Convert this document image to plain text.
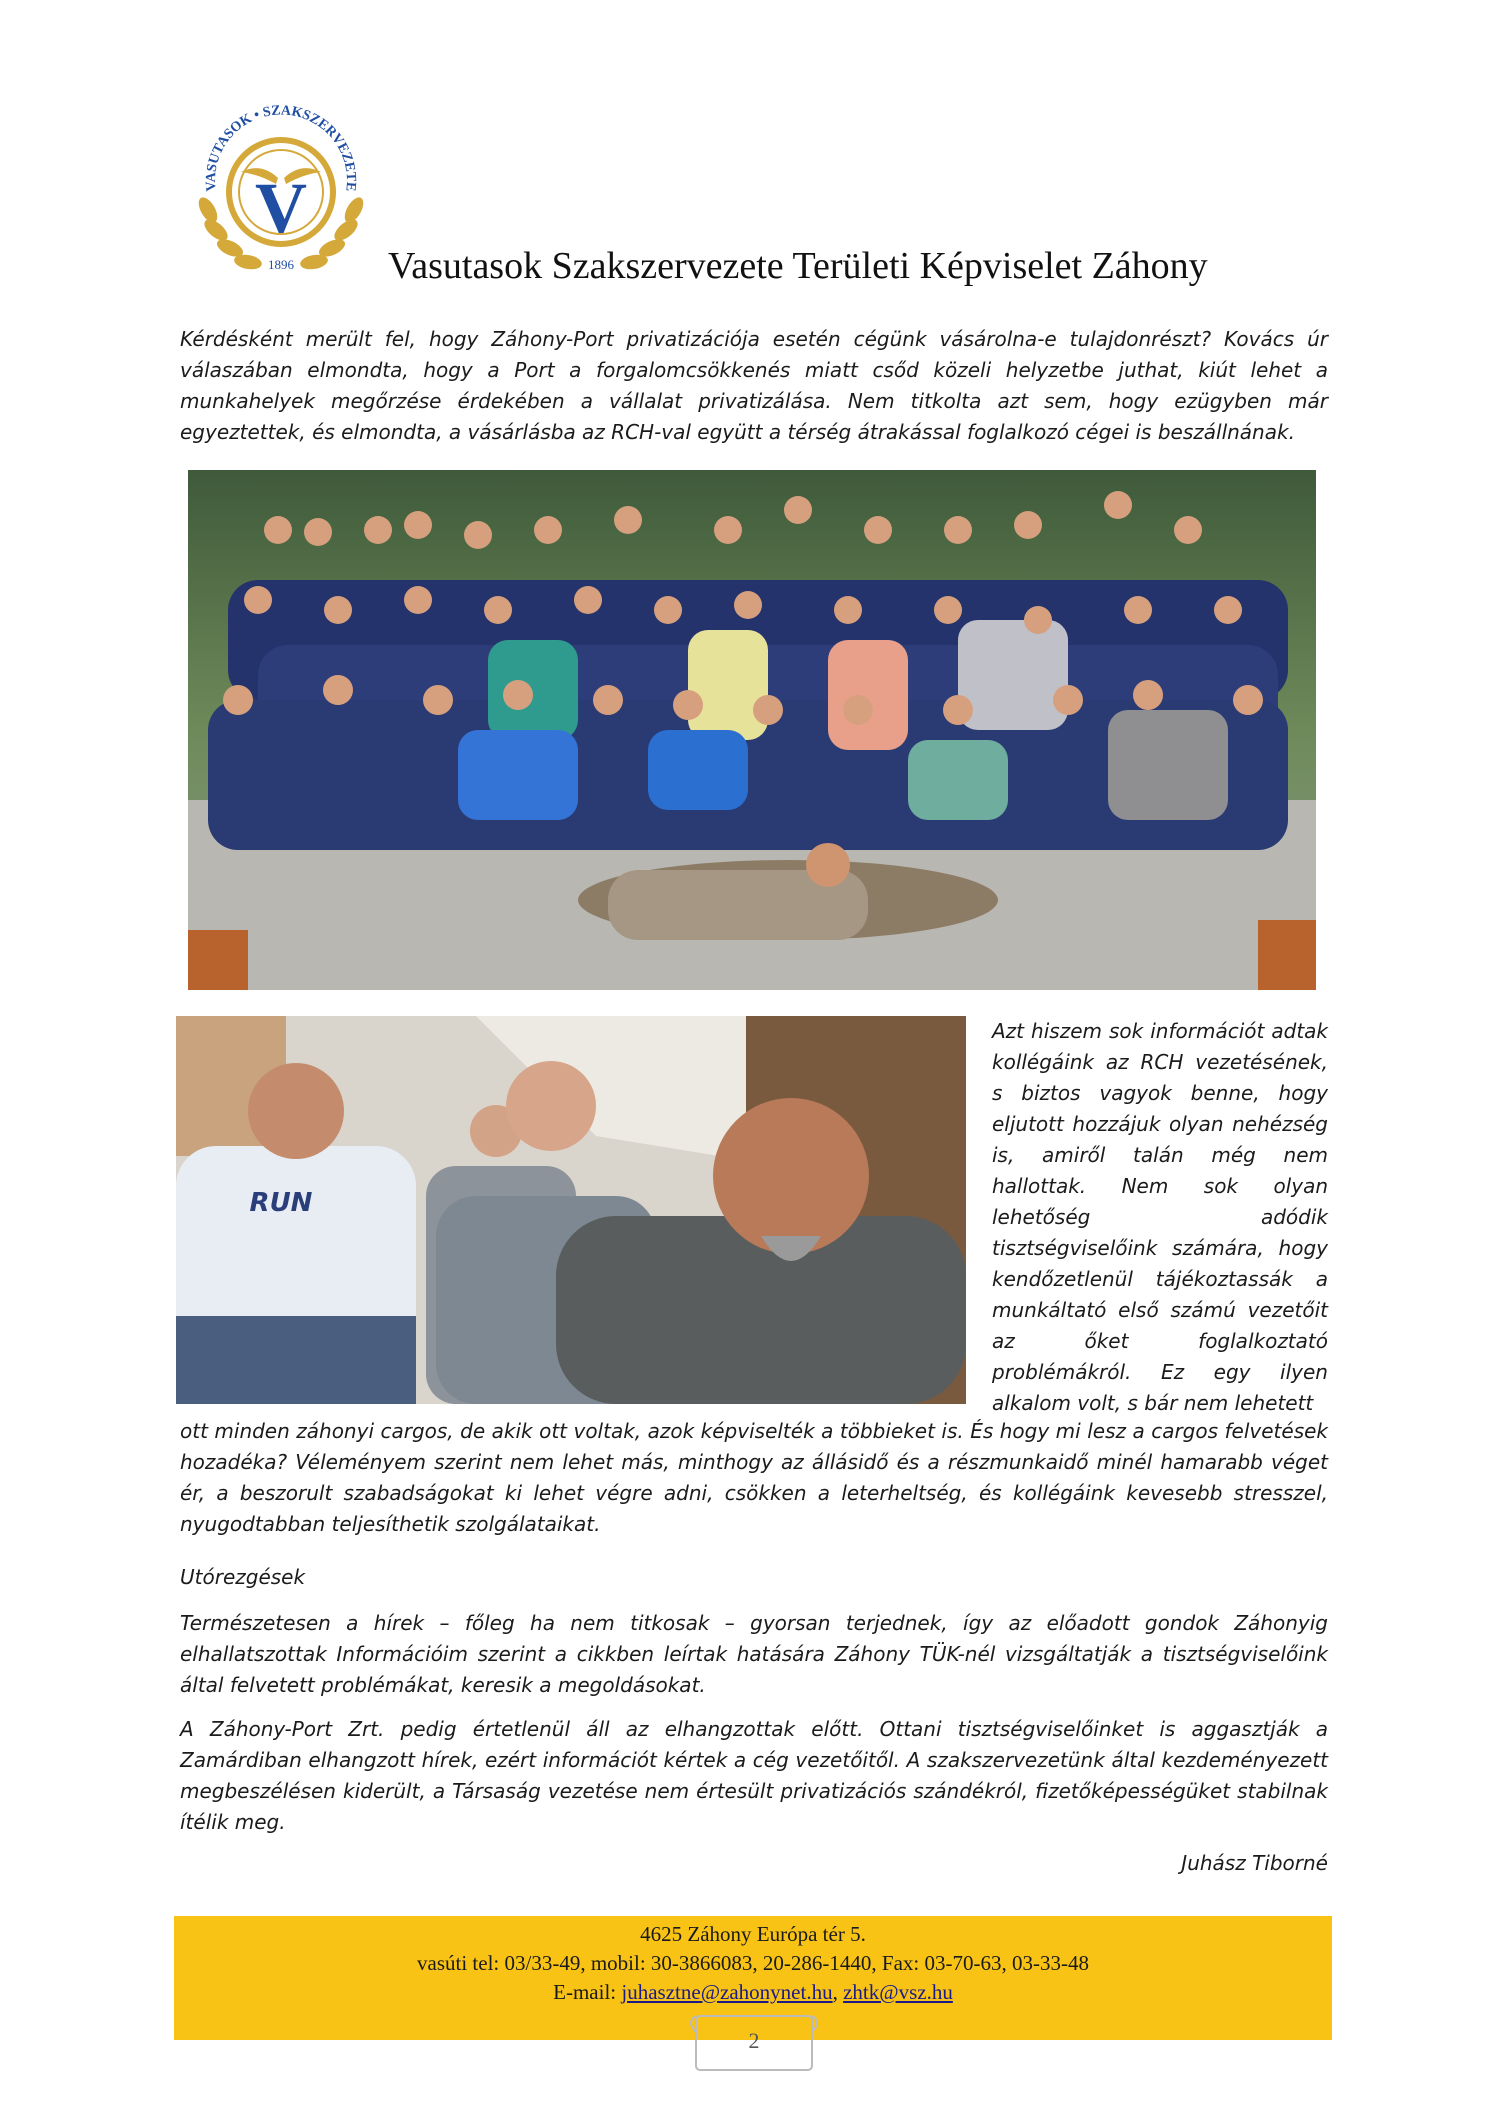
V
VASUTASOK • SZAKSZERVEZETE
1896 Vasutasok Szakszervezete Területi Képviselet Záhony

Kérdésként merült fel, hogy Záhony-Port privatizációja esetén cégünk vásárolna-e tulajdonrészt? Kovács úr válaszában elmondta, hogy a Port a forgalomcsökkenés miatt csőd közeli helyzetbe juthat, kiút lehet a munkahelyek megőrzése érdekében a vállalat privatizálása. Nem titkolta azt sem, hogy ezügyben már egyeztettek, és elmondta, a vásárlásba az RCH-val együtt a térség átrakással foglalkozó cégei is beszállnának.

RUN

Azt hiszem sok információt adtak kollégáink az RCH vezetésének, s biztos vagyok benne, hogy eljutott hozzájuk olyan nehézség is, amiről talán még nem hallottak. Nem sok olyan lehetőség adódik tisztségviselőink számára, hogy kendőzetlenül tájékoztassák a munkáltató első számú vezetőit az őket foglalkoztató problémákról. Ez egy ilyen alkalom volt, s bár nem lehetett

ott minden záhonyi cargos, de akik ott voltak, azok képviselték a többieket is. És hogy mi lesz a cargos felvetések hozadéka? Véleményem szerint nem lehet más, minthogy az állásidő és a részmunkaidő minél hamarabb véget ér, a beszorult szabadságokat ki lehet végre adni, csökken a leterheltség, és kollégáink kevesebb stresszel, nyugodtabban teljesíthetik szolgálataikat.

Utórezgések

Természetesen a hírek – főleg ha nem titkosak – gyorsan terjednek, így az előadott gondok Záhonyig elhallatszottak Információim szerint a cikkben leírtak hatására Záhony TÜK-nél vizsgáltatják a tisztségviselőink által felvetett problémákat, keresik a megoldásokat.

A Záhony-Port Zrt. pedig értetlenül áll az elhangzottak előtt. Ottani tisztségviselőinket is aggasztják a Zamárdiban elhangzott hírek, ezért információt kértek a cég vezetőitől. A szakszervezetünk által kezdeményezett megbeszélésen kiderült, a Társaság vezetése nem értesült privatizációs szándékról, fizetőképességüket stabilnak ítélik meg.

Juhász Tiborné

4625 Záhony Európa tér 5.
vasúti tel: 03/33-49, mobil: 30-3866083, 20-286-1440, Fax: 03-70-63, 03-33-48
E-mail: juhasztne@zahonynet.hu, zhtk@vsz.hu
2
